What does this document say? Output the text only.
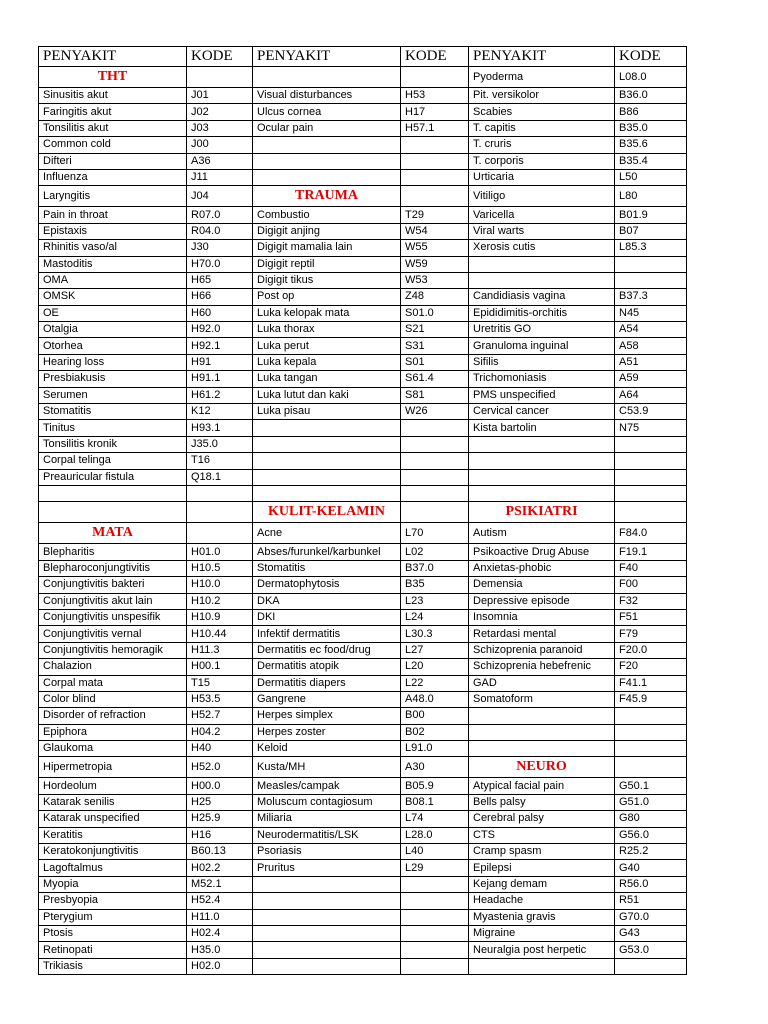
PENYAKIT	KODE	PENYAKIT	KODE	PENYAKIT	KODE
THT				Pyoderma	L08.0
Sinusitis akut	J01	Visual disturbances	H53	Pit. versikolor	B36.0
Faringitis akut	J02	Ulcus cornea	H17	Scabies	B86
Tonsilitis akut	J03	Ocular pain	H57.1	T. capitis	B35.0
Common cold	J00			T. cruris	B35.6
Difteri	A36			T. corporis	B35.4
Influenza	J11			Urticaria	L50
Laryngitis	J04	TRAUMA		Vitiligo	L80
Pain in throat	R07.0	Combustio	T29	Varicella	B01.9
Epistaxis	R04.0	Digigit anjing	W54	Viral warts	B07
Rhinitis vaso/al	J30	Digigit mamalia lain	W55	Xerosis cutis	L85.3
Mastoditis	H70.0	Digigit reptil	W59		
OMA	H65	Digigit tikus	W53		
OMSK	H66	Post op	Z48	Candidiasis vagina	B37.3
OE	H60	Luka kelopak mata	S01.0	Epididimitis-orchitis	N45
Otalgia	H92.0	Luka thorax	S21	Uretritis GO	A54
Otorhea	H92.1	Luka perut	S31	Granuloma inguinal	A58
Hearing loss	H91	Luka kepala	S01	Sifilis	A51
Presbiakusis	H91.1	Luka tangan	S61.4	Trichomoniasis	A59
Serumen	H61.2	Luka lutut dan kaki	S81	PMS unspecified	A64
Stomatitis	K12	Luka pisau	W26	Cervical cancer	C53.9
Tinitus	H93.1			Kista bartolin	N75
Tonsilitis kronik	J35.0				
Corpal telinga	T16				
Preauricular fistula	Q18.1				

		KULIT-KELAMIN		PSIKIATRI	
MATA		Acne	L70	Autism	F84.0
Blepharitis	H01.0	Abses/furunkel/karbunkel	L02	Psikoactive Drug Abuse	F19.1
Blepharoconjungtivitis	H10.5	Stomatitis	B37.0	Anxietas-phobic	F40
Conjungtivitis bakteri	H10.0	Dermatophytosis	B35	Demensia	F00
Conjungtivitis akut lain	H10.2	DKA	L23	Depressive episode	F32
Conjungtivitis unspesifik	H10.9	DKI	L24	Insomnia	F51
Conjungtivitis vernal	H10.44	Infektif dermatitis	L30.3	Retardasi mental	F79
Conjungtivitis hemoragik	H11.3	Dermatitis ec food/drug	L27	Schizoprenia paranoid	F20.0
Chalazion	H00.1	Dermatitis atopik	L20	Schizoprenia hebefrenic	F20
Corpal mata	T15	Dermatitis diapers	L22	GAD	F41.1
Color blind	H53.5	Gangrene	A48.0	Somatoform	F45.9
Disorder of refraction	H52.7	Herpes simplex	B00		
Epiphora	H04.2	Herpes zoster	B02		
Glaukoma	H40	Keloid	L91.0		
Hipermetropia	H52.0	Kusta/MH	A30	NEURO	
Hordeolum	H00.0	Measles/campak	B05.9	Atypical facial pain	G50.1
Katarak senilis	H25	Moluscum contagiosum	B08.1	Bells palsy	G51.0
Katarak unspecified	H25.9	Miliaria	L74	Cerebral palsy	G80
Keratitis	H16	Neurodermatitis/LSK	L28.0	CTS	G56.0
Keratokonjungtivitis	B60.13	Psoriasis	L40	Cramp spasm	R25.2
Lagoftalmus	H02.2	Pruritus	L29	Epilepsi	G40
Myopia	M52.1			Kejang demam	R56.0
Presbyopia	H52.4			Headache	R51
Pterygium	H11.0			Myastenia gravis	G70.0
Ptosis	H02.4			Migraine	G43
Retinopati	H35.0			Neuralgia post herpetic	G53.0
Trikiasis	H02.0				
